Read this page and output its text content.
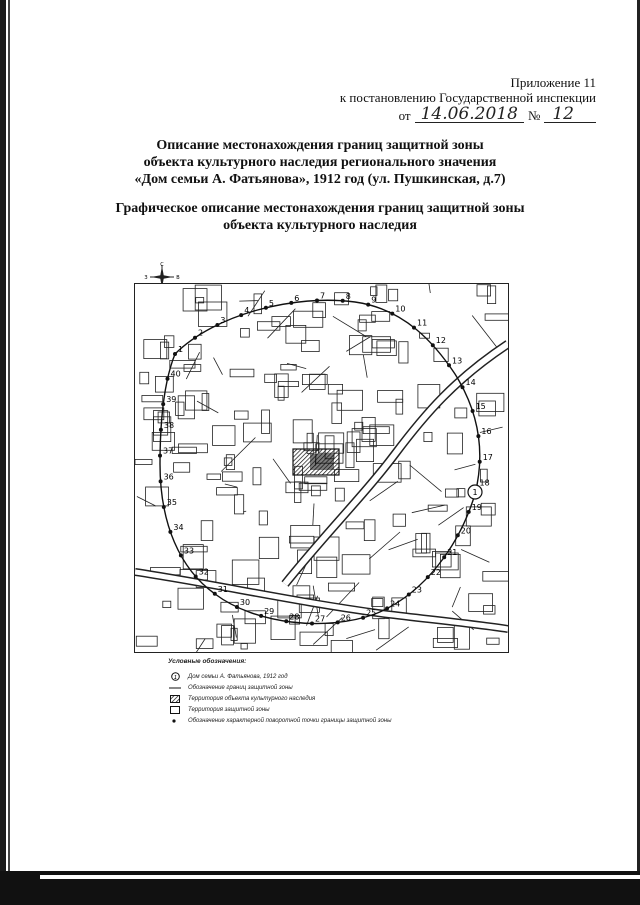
Приложение 11
к постановлению Государственной инспекции
от 14.06.2018 № 12
Описание местонахождения границ защитной зоны
объекта культурного наследия регионального значения
«Дом семьи А. Фатьянова», 1912 год (ул. Пушкинская, д.7)
Графическое описание местонахождения границ защитной зоны
объекта культурного наследия
С
З	В
1
2
3
4
5
6	7	8	9
10
11
12
13
14
15
16
17
18
19
20
21
22
23
24
25
26
27
28
29
30
31
32
33
34
35
36
37
38
39
40
1
Условные обозначения:
1 Дом семьи А. Фатьянова, 1912 год
Обозначение границ защитной зоны
Территория объекта культурного наследия
Территория защитной зоны
Обозначение характерной поворотной точки границы защитной зоны
